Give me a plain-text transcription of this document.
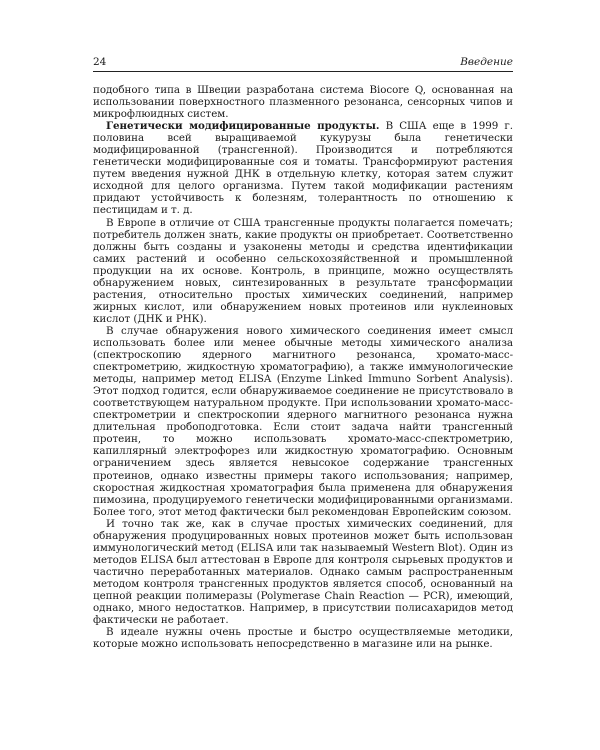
24	Введение

подобного типа в Швеции разработана система Biocore Q, основанная на использовании поверхностного плазменного резонанса, сенсорных чипов и микрофлюидных систем.

Генетически модифицированные продукты. В США еще в 1999 г. половина всей выращиваемой кукурузы была генетически модифицированной (трансгенной). Производится и потребляются генетически модифицированные соя и томаты. Трансформируют растения путем введения нужной ДНК в отдельную клетку, которая затем служит исходной для целого организма. Путем такой модификации растениям придают устойчивость к болезням, толерантность по отношению к пестицидам и т. д.

В Европе в отличие от США трансгенные продукты полагается помечать; потребитель должен знать, какие продукты он приобретает. Соответственно должны быть созданы и узаконены методы и средства идентификации самих растений и особенно сельскохозяйственной и промышленной продукции на их основе. Контроль, в принципе, можно осуществлять обнаружением новых, синтезированных в результате трансформации растения, относительно простых химических соединений, например жирных кислот, или обнаружением новых протеинов или нуклеиновых кислот (ДНК и РНК).

В случае обнаружения нового химического соединения имеет смысл использовать более или менее обычные методы химического анализа (спектроскопию ядерного магнитного резонанса, хромато-масс-спектрометрию, жидкостную хроматографию), а также иммунологические методы, например метод ELISA (Enzyme Linked Immuno Sorbent Analysis). Этот подход годится, если обнаруживаемое соединение не присутствовало в соответствующем натуральном продукте. При использовании хромато-масс-спектрометрии и спектроскопии ядерного магнитного резонанса нужна длительная пробоподготовка. Если стоит задача найти трансгенный протеин, то можно использовать хромато-масс-спектрометрию, капиллярный электрофорез или жидкостную хроматографию. Основным ограничением здесь является невысокое содержание трансгенных протеинов, однако известны примеры такого использования; например, скоростная жидкостная хроматография была применена для обнаружения пимозина, продуцируемого генетически модифицированными организмами. Более того, этот метод фактически был рекомендован Европейским союзом.

И точно так же, как в случае простых химических соединений, для обнаружения продуцированных новых протеинов может быть использован иммунологический метод (ELISA или так называемый Western Blot). Один из методов ELISA был аттестован в Европе для контроля сырьевых продуктов и частично переработанных материалов. Однако самым распространенным методом контроля трансгенных продуктов является способ, основанный на цепной реакции полимеразы (Polymerase Chain Reaction — PCR), имеющий, однако, много недостатков. Например, в присутствии полисахаридов метод фактически не работает.

В идеале нужны очень простые и быстро осуществляемые методики, которые можно использовать непосредственно в магазине или на рынке.
